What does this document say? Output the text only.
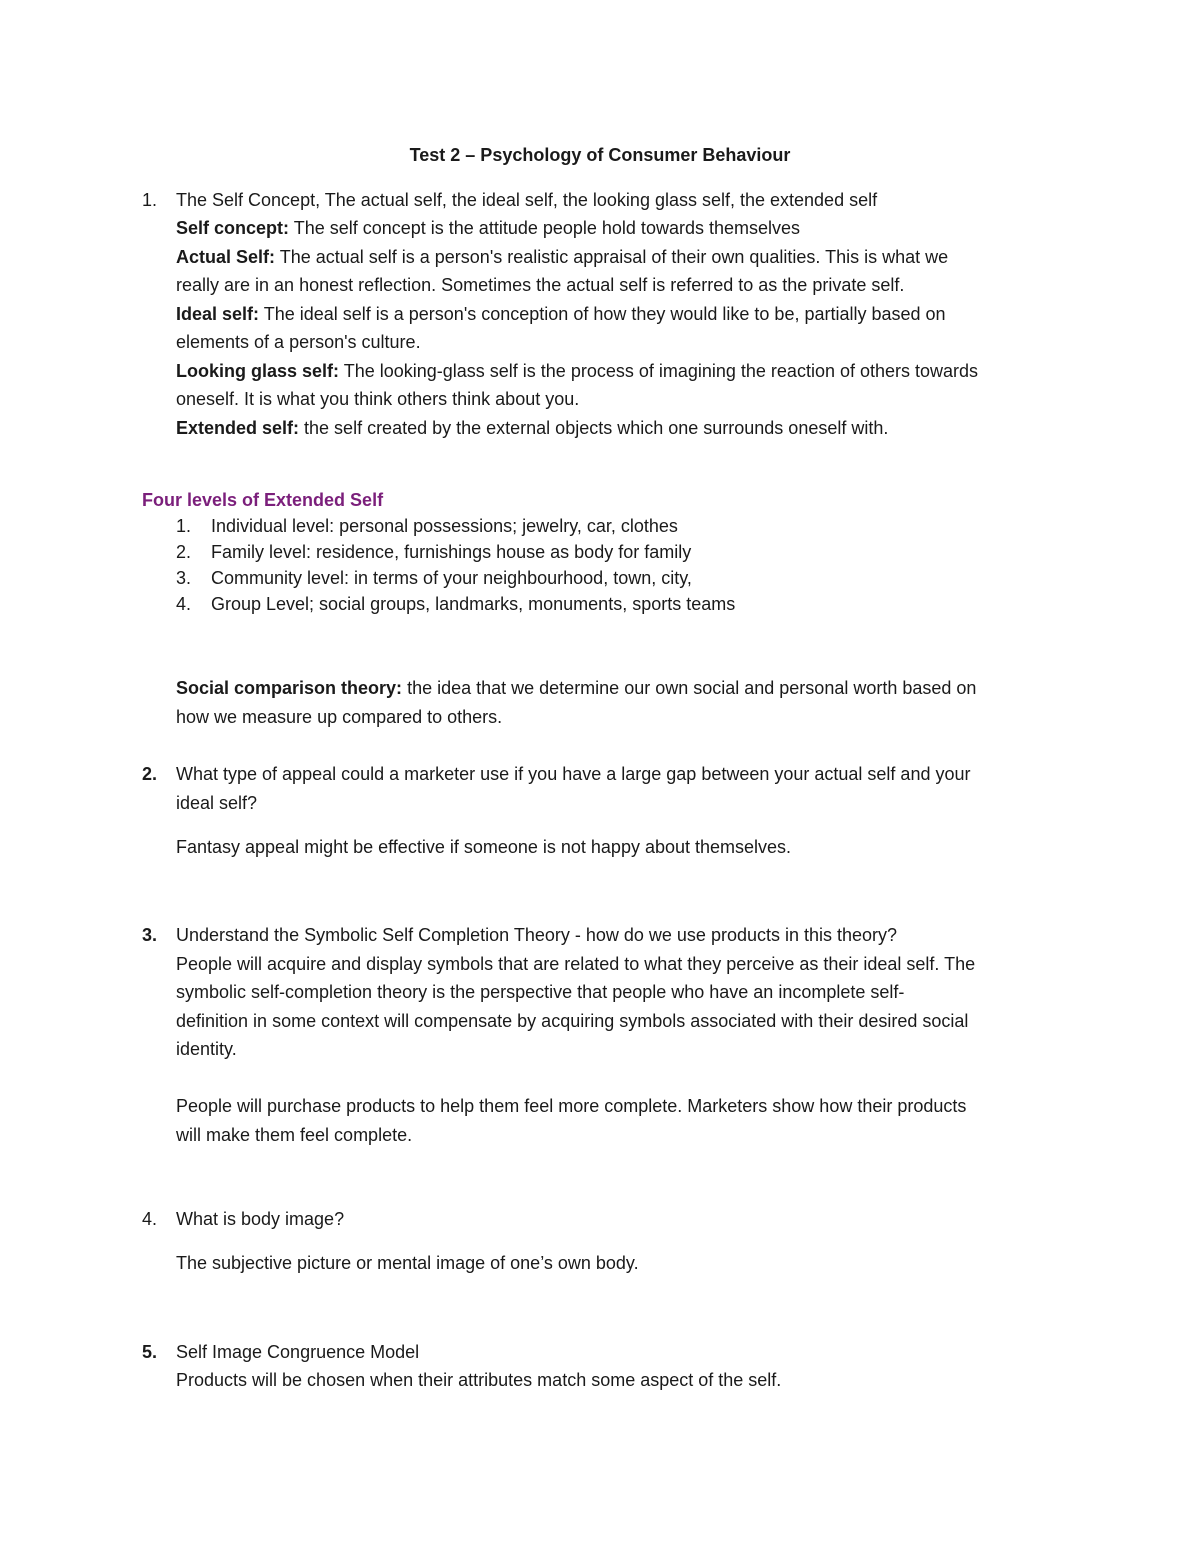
Test 2 – Psychology of Consumer Behaviour
1. The Self Concept, The actual self, the ideal self, the looking glass self, the extended self
Self concept: The self concept is the attitude people hold towards themselves
Actual Self: The actual self is a person's realistic appraisal of their own qualities. This is what we
really are in an honest reflection. Sometimes the actual self is referred to as the private self.
Ideal self: The ideal self is a person's conception of how they would like to be, partially based on
elements of a person's culture.
Looking glass self: The looking-glass self is the process of imagining the reaction of others towards
oneself. It is what you think others think about you.
Extended self: the self created by the external objects which one surrounds oneself with.
Four levels of Extended Self
1. Individual level: personal possessions; jewelry, car, clothes
2. Family level: residence, furnishings house as body for family
3. Community level: in terms of your neighbourhood, town, city,
4. Group Level; social groups, landmarks, monuments, sports teams
Social comparison theory: the idea that we determine our own social and personal worth based on
how we measure up compared to others.
2. What type of appeal could a marketer use if you have a large gap between your actual self and your
ideal self?
Fantasy appeal might be effective if someone is not happy about themselves.
3. Understand the Symbolic Self Completion Theory - how do we use products in this theory?
People will acquire and display symbols that are related to what they perceive as their ideal self. The
symbolic self-completion theory is the perspective that people who have an incomplete self-
definition in some context will compensate by acquiring symbols associated with their desired social
identity.
People will purchase products to help them feel more complete. Marketers show how their products
will make them feel complete.
4. What is body image?
The subjective picture or mental image of one’s own body.
5. Self Image Congruence Model
Products will be chosen when their attributes match some aspect of the self.
